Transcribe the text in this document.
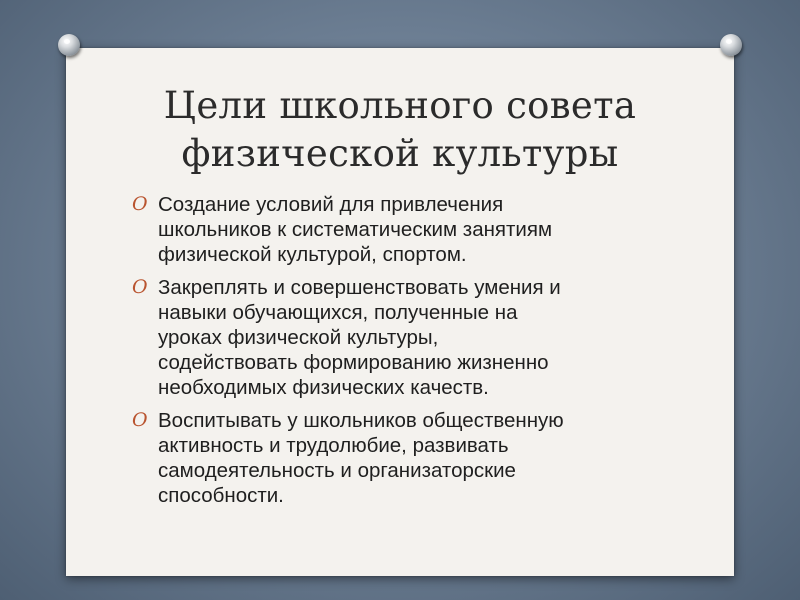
Цели школьного совета
физической культуры
O Создание условий для привлечения
школьников к систематическим занятиям
физической культурой, спортом.
O Закреплять и совершенствовать умения и
навыки обучающихся, полученные на
уроках физической культуры,
содействовать формированию жизненно
необходимых физических качеств.
O Воспитывать у школьников общественную
активность и трудолюбие, развивать
самодеятельность и организаторские
способности.
